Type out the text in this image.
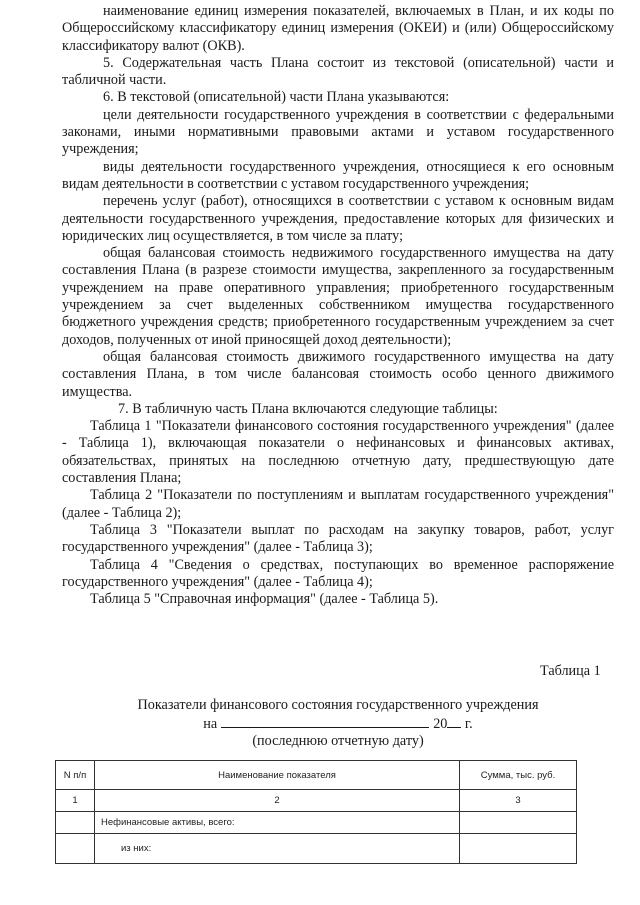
наименование единиц измерения показателей, включаемых в План, и их коды по Общероссийскому классификатору единиц измерения (ОКЕИ) и (или) Общероссийскому классификатору валют (ОКВ).

5. Содержательная часть Плана состоит из текстовой (описательной) части и табличной части.

6. В текстовой (описательной) части Плана указываются:

цели деятельности государственного учреждения в соответствии с федеральными законами, иными нормативными правовыми актами и уставом государственного учреждения;

виды деятельности государственного учреждения, относящиеся к его основным видам деятельности в соответствии с уставом государственного учреждения;

перечень услуг (работ), относящихся в соответствии с уставом к основным видам деятельности государственного учреждения, предоставление которых для физических и юридических лиц осуществляется, в том числе за плату;

общая балансовая стоимость недвижимого государственного имущества на дату составления Плана (в разрезе стоимости имущества, закрепленного за государственным учреждением на праве оперативного управления; приобретенного государственным учреждением за счет выделенных собственником имущества государственного бюджетного учреждения средств; приобретенного государственным учреждением за счет доходов, полученных от иной приносящей доход деятельности);

общая балансовая стоимость движимого государственного имущества на дату составления Плана, в том числе балансовая стоимость особо ценного движимого имущества.

7. В табличную часть Плана включаются следующие таблицы:

Таблица 1 "Показатели финансового состояния государственного учреждения" (далее - Таблица 1), включающая показатели о нефинансовых и финансовых активах, обязательствах, принятых на последнюю отчетную дату, предшествующую дате составления Плана;

Таблица 2 "Показатели по поступлениям и выплатам государственного учреждения" (далее - Таблица 2);

Таблица 3 "Показатели выплат по расходам на закупку товаров, работ, услуг государственного учреждения" (далее - Таблица 3);

Таблица 4 "Сведения о средствах, поступающих во временное распоряжение государственного учреждения" (далее - Таблица 4);

Таблица 5 "Справочная информация" (далее - Таблица 5).

Таблица 1
Показатели финансового состояния государственного учреждения
на	20 г.
(последнюю отчетную дату)
N п/п	Наименование показателя	Сумма, тыс. руб.
1	2	3
	Нефинансовые активы, всего:	
	из них:	
